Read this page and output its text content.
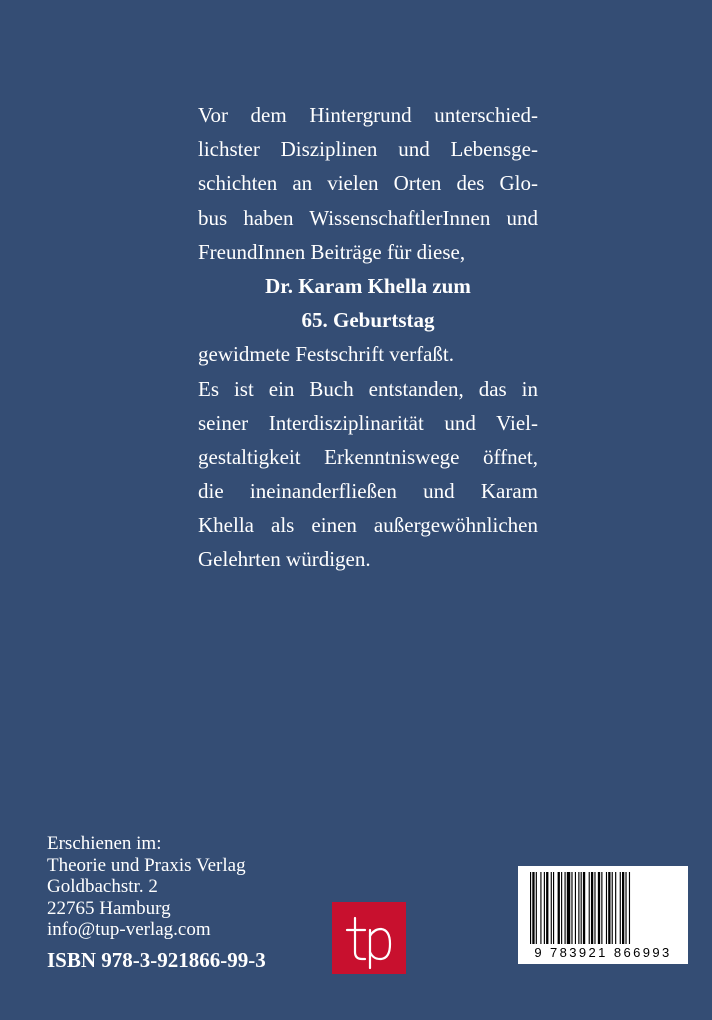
Vor dem Hintergrund unterschied-
lichster Disziplinen und Lebensge-
schichten an vielen Orten des Glo-
bus haben WissenschaftlerInnen und
FreundInnen Beiträge für diese,
Dr. Karam Khella zum
65. Geburtstag
gewidmete Festschrift verfaßt.
Es ist ein Buch entstanden, das in
seiner Interdisziplinarität und Viel-
gestaltigkeit Erkenntniswege öffnet,
die ineinanderfließen und Karam
Khella als einen außergewöhnlichen
Gelehrten würdigen.
Erschienen im:
Theorie und Praxis Verlag
Goldbachstr. 2
22765 Hamburg
info@tup-verlag.com
ISBN 978-3-921866-99-3	9 783921 866993
